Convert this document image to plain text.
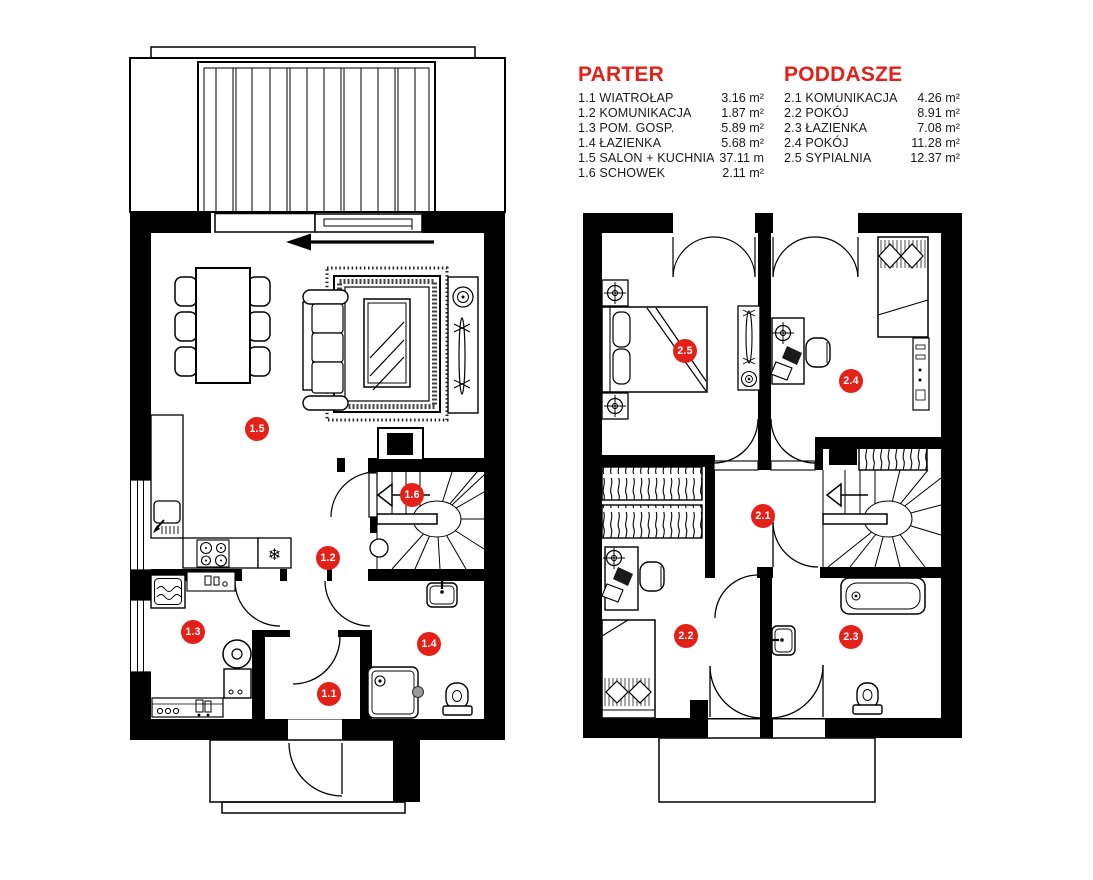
❄
PARTER
1.1 WIATROŁAP	3.16 m²
1.2 KOMUNIKACJA 1.87 m²
1.3 POM. GOSP.	5.89 m²
1.4 ŁAZIENKA	5.68 m²
1.5 SALON + KUCHNIA 37.11 m
1.6 SCHOWEK	2.11 m²
PODDASZE
2.1 KOMUNIKACJA 4.26 m²
2.2 POKÓJ	8.91 m²
2.3 ŁAZIENKA	7.08 m²
2.4 POKÓJ	11.28 m²
2.5 SYPIALNIA	12.37 m²
1.1
1.2
1.3
1.4
1.5
1.6
2.1
2.2	2.3
2.4
2.5
